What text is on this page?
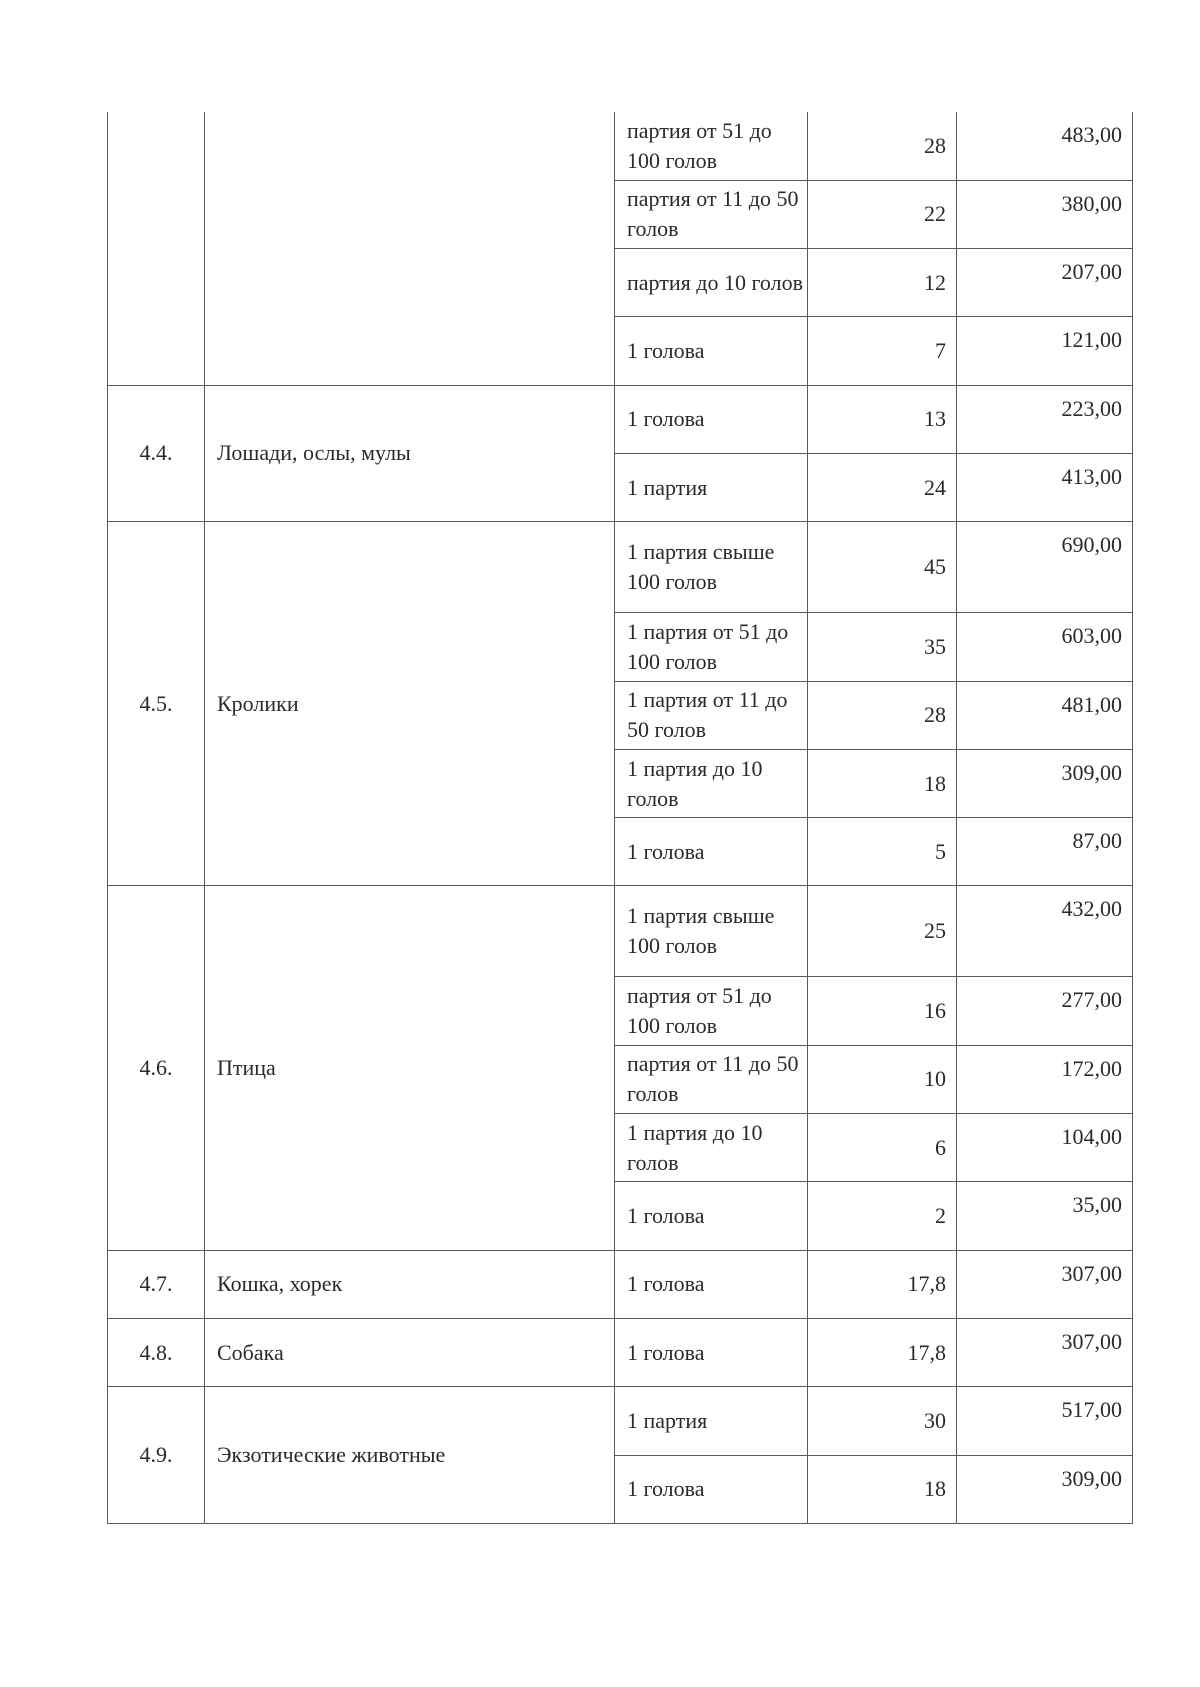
		партия от 51 до 100 голов	28	483,00
		партия от 11 до 50 голов	22	380,00
		партия до 10 голов	12	207,00
		1 голова	7	121,00
4.4.	Лошади, ослы, мулы	1 голова	13	223,00
		1 партия	24	413,00
4.5.	Кролики	1 партия свыше 100 голов	45	690,00
		1 партия от 51 до 100 голов	35	603,00
		1 партия от 11 до 50 голов	28	481,00
		1 партия до 10 голов	18	309,00
		1 голова	5	87,00
4.6.	Птица	1 партия свыше 100 голов	25	432,00
		партия от 51 до 100 голов	16	277,00
		партия от 11 до 50 голов	10	172,00
		1 партия до 10 голов	6	104,00
		1 голова	2	35,00
4.7.	Кошка, хорек	1 голова	17,8	307,00
4.8.	Собака	1 голова	17,8	307,00
4.9.	Экзотические животные	1 партия	30	517,00
		1 голова	18	309,00
